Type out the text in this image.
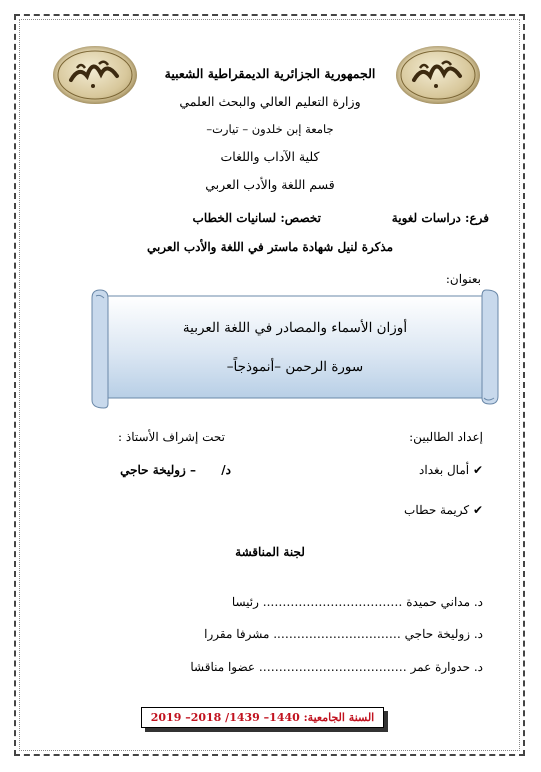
الجمهورية الجزائرية الديمقراطية الشعبية
وزارة التعليم العالي والبحث العلمي
جامعة إبن خلدون – تيارت–
كلية الآداب واللغات
قسم اللغة والأدب العربي
فرع: دراسات لغوية
تخصص: لسانيات الخطاب
مذكرة لنيل شهادة ماستر في اللغة والأدب العربي
بعنوان:
أوزان الأسماء والمصادر في اللغة العربية
سورة الرحمن –أنموذجاً–
إعداد الطالبين:
تحت إشراف الأستاذ :
✔ أمال بغداد
✔ كريمة حطاب
د/
– زوليخة حاجي
لجنة المناقشة
د. مداني حميدة …………………………….. رئيسا
د. زوليخة حاجي ………………………….. مشرفا مقررا
د. حدوارة عمر ………………………………. عضوا مناقشا
السنة الجامعية: 1440– 1439/ 2018– 2019
